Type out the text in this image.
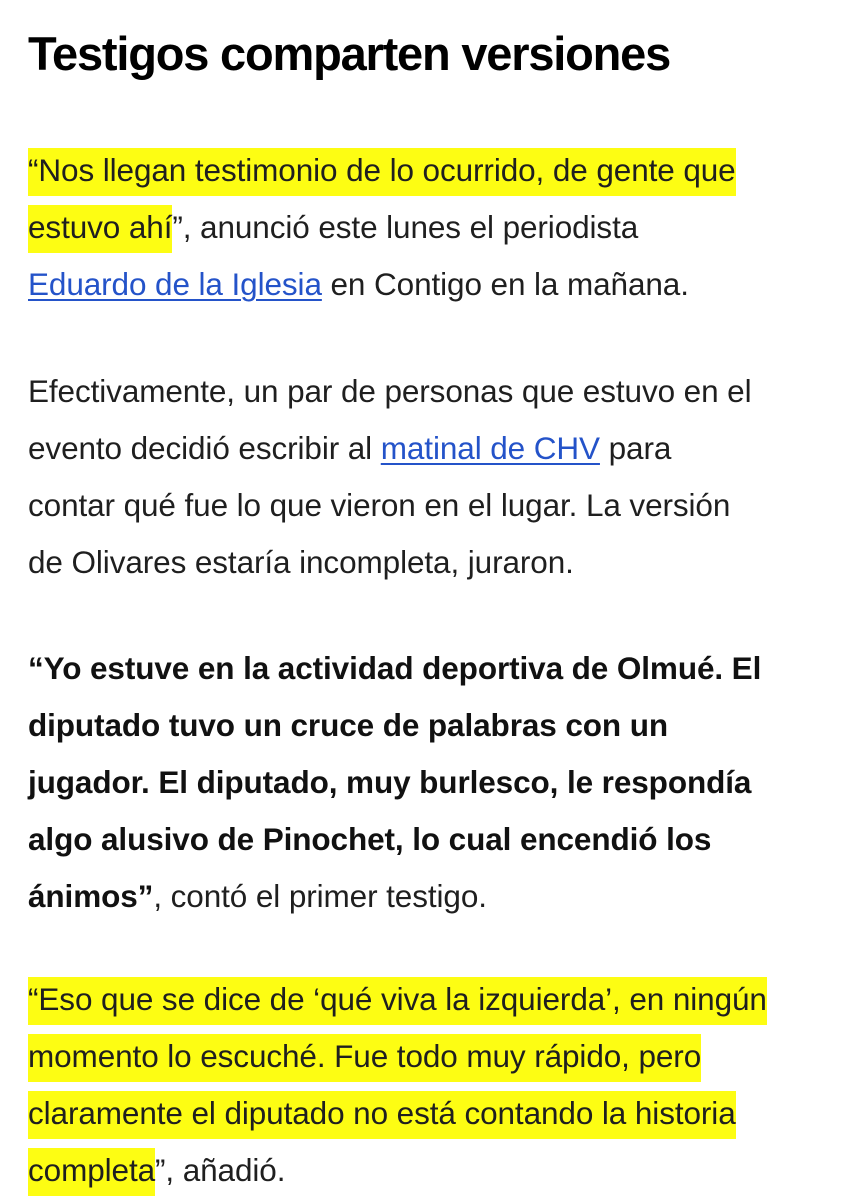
Testigos comparten versiones

“Nos llegan testimonio de lo ocurrido, de gente que
estuvo ahí”, anunció este lunes el periodista
Eduardo de la Iglesia en Contigo en la mañana.

Efectivamente, un par de personas que estuvo en el
evento decidió escribir al matinal de CHV para
contar qué fue lo que vieron en el lugar. La versión
de Olivares estaría incompleta, juraron.

“Yo estuve en la actividad deportiva de Olmué. El
diputado tuvo un cruce de palabras con un
jugador. El diputado, muy burlesco, le respondía
algo alusivo de Pinochet, lo cual encendió los
ánimos”, contó el primer testigo.

“Eso que se dice de ‘qué viva la izquierda’, en ningún
momento lo escuché. Fue todo muy rápido, pero
claramente el diputado no está contando la historia
completa”, añadió.
